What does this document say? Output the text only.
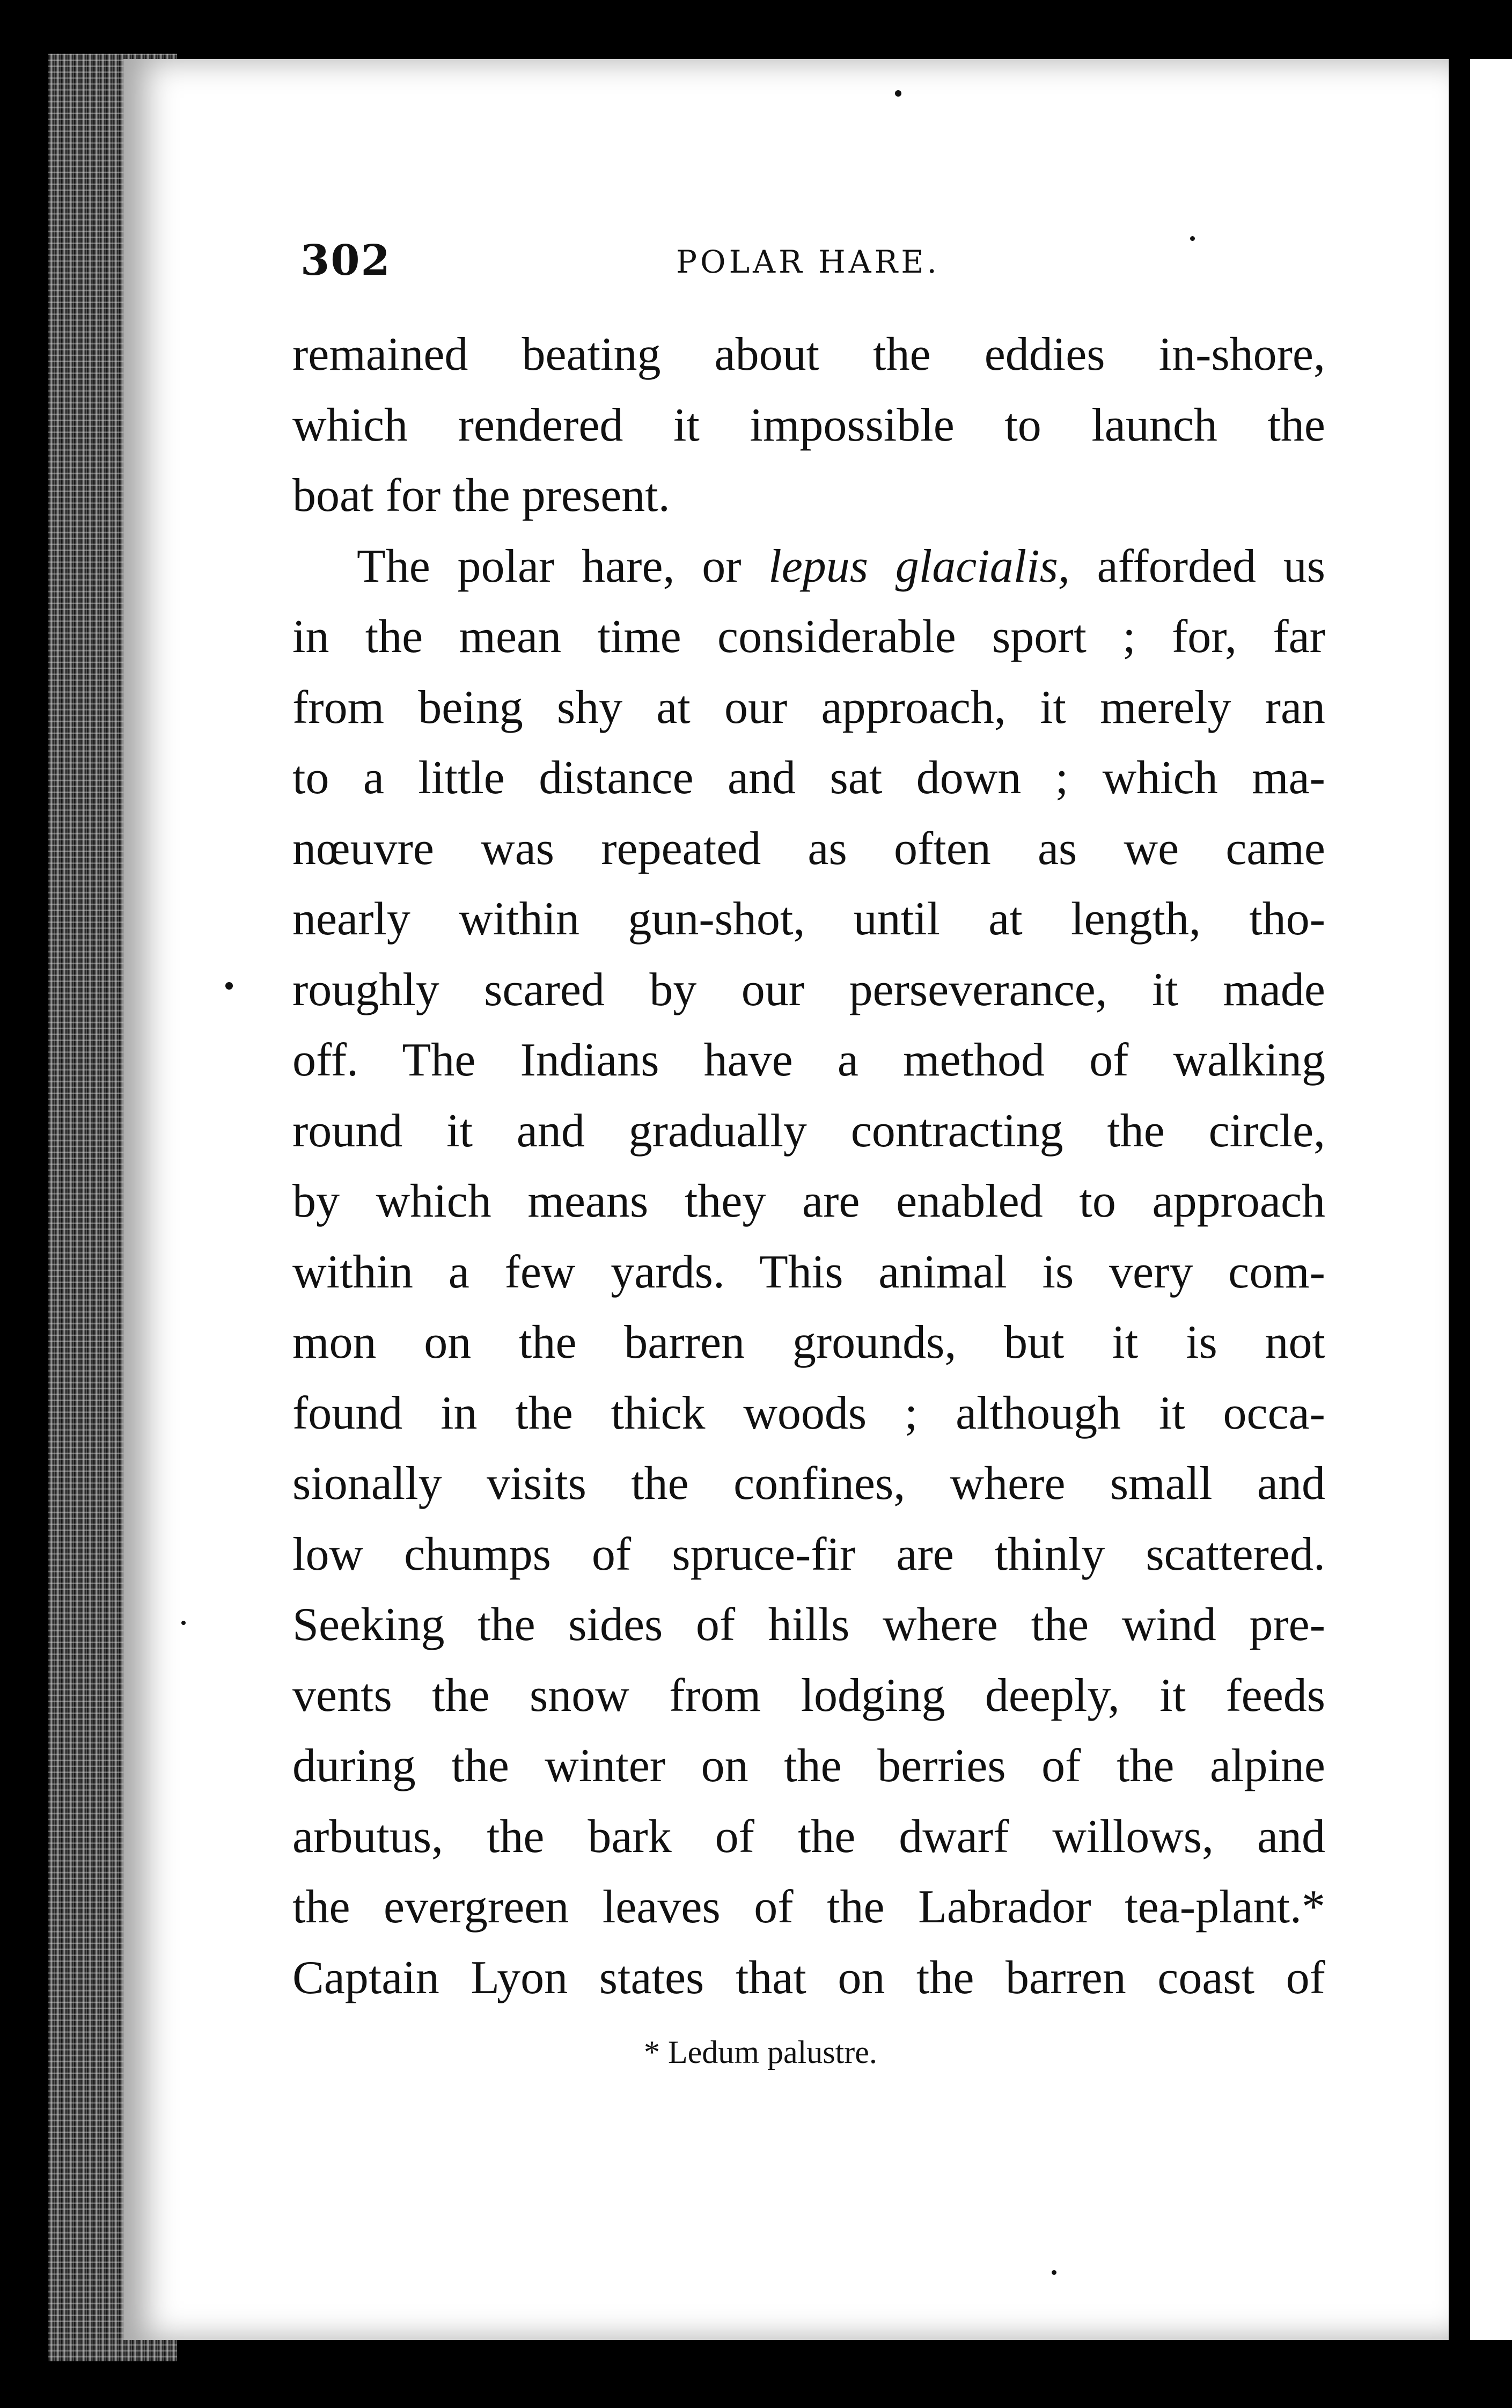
302	POLAR HARE.
remained beating about the eddies in-shore,
which rendered it impossible to launch the
boat for the present.
The polar hare, or lepus glacialis, afforded us
in the mean time considerable sport ; for, far
from being shy at our approach, it merely ran
to a little distance and sat down ; which ma-
nœuvre was repeated as often as we came
nearly within gun-shot, until at length, tho-
roughly scared by our perseverance, it made
off. The Indians have a method of walking
round it and gradually contracting the circle,
by which means they are enabled to approach
within a few yards. This animal is very com-
mon on the barren grounds, but it is not
found in the thick woods ; although it occa-
sionally visits the confines, where small and
low chumps of spruce-fir are thinly scattered.
Seeking the sides of hills where the wind pre-
vents the snow from lodging deeply, it feeds
during the winter on the berries of the alpine
arbutus, the bark of the dwarf willows, and
the evergreen leaves of the Labrador tea-plant.*
Captain Lyon states that on the barren coast of
* Ledum palustre.
